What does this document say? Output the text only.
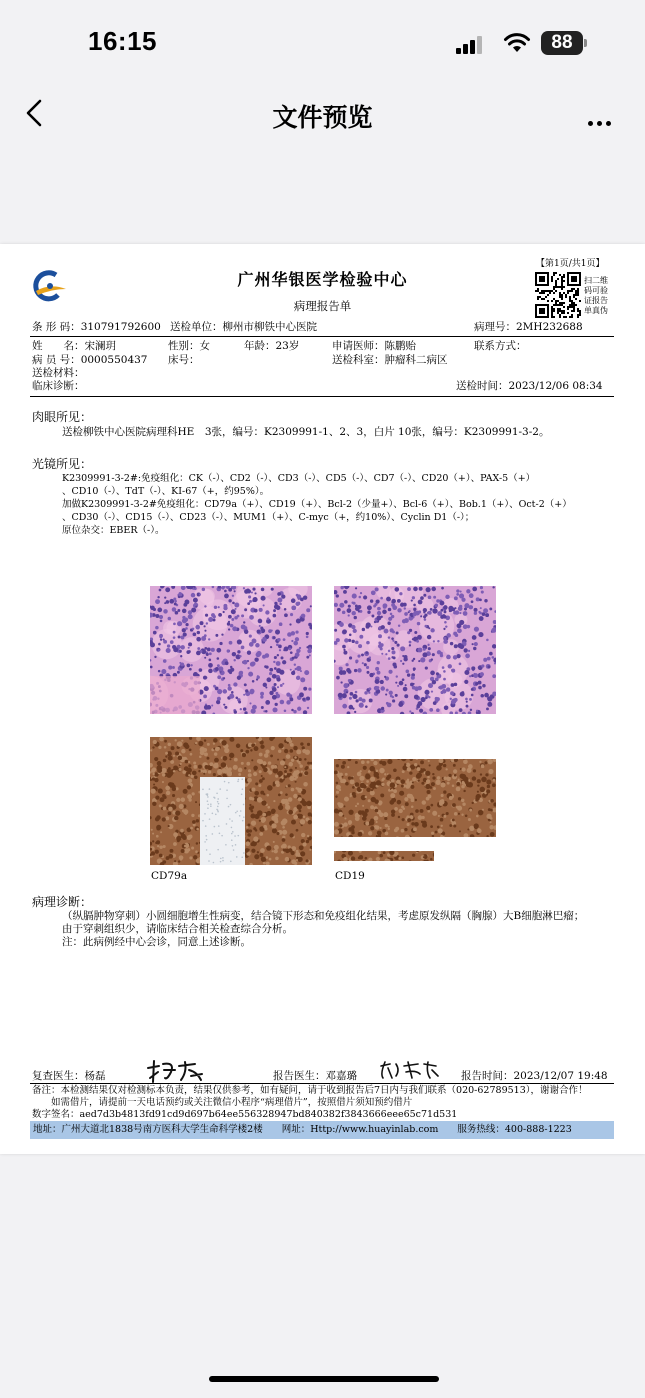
16:15	88
文件预览
广州华银医学检验中心
病理报告单
【第1页/共1页】
扫二维
码可验
证报告
单真伪
条 形 码：310791792600 送检单位：柳州市柳铁中心医院	病理号：2MH232688
姓　　名：宋澜玥	性别：女	年龄：23岁	申请医师：陈鹏贻	联系方式：
病 员 号：0000550437 床号：	送检科室：肿瘤科二病区
送检材料：
临床诊断：	送检时间：2023/12/06 08:34
肉眼所见：
送检柳铁中心医院病理科HE　3张，编号：K2309991-1、2、3，白片 10张，编号：K2309991-3-2。
光镜所见：
K2309991-3-2#:免疫组化：CK（-）、CD2（-）、CD3（-）、CD5（-）、CD7（-）、CD20（+）、PAX-5（+）
、CD10（-）、TdT（-）、KI-67（+，约95%）。
加做K2309991-3-2#免疫组化：CD79a（+）、CD19（+）、Bcl-2（少量+）、Bcl-6（+）、Bob.1（+）、Oct-2（+）
、CD30（-）、CD15（-）、CD23（-）、MUM1（+）、C-myc（+，约10%）、Cyclin D1（-）；
原位杂交：EBER（-）。
CD79a	CD19
病理诊断：
（纵膈肿物穿刺）小圆细胞增生性病变，结合镜下形态和免疫组化结果，考虑原发纵隔（胸腺）大B细胞淋巴瘤；
由于穿刺组织少，请临床结合相关检查综合分析。
注：此病例经中心会诊，同意上述诊断。
复查医生：杨磊	报告医生：邓嘉璐	报告时间：2023/12/07 19:48
备注：本检测结果仅对检测标本负责，结果仅供参考，如有疑问，请于收到报告后7日内与我们联系（020-62789513），谢谢合作！
　　如需借片，请提前一天电话预约或关注微信小程序“病理借片”，按照借片须知预约借片
数字签名：aed7d3b4813fd91cd9d697b64ee556328947bd840382f3843666eee65c71d531
地址：广州大道北1838号南方医科大学生命科学楼2楼　　网址：Http://www.huayinlab.com　　服务热线：400-888-1223
